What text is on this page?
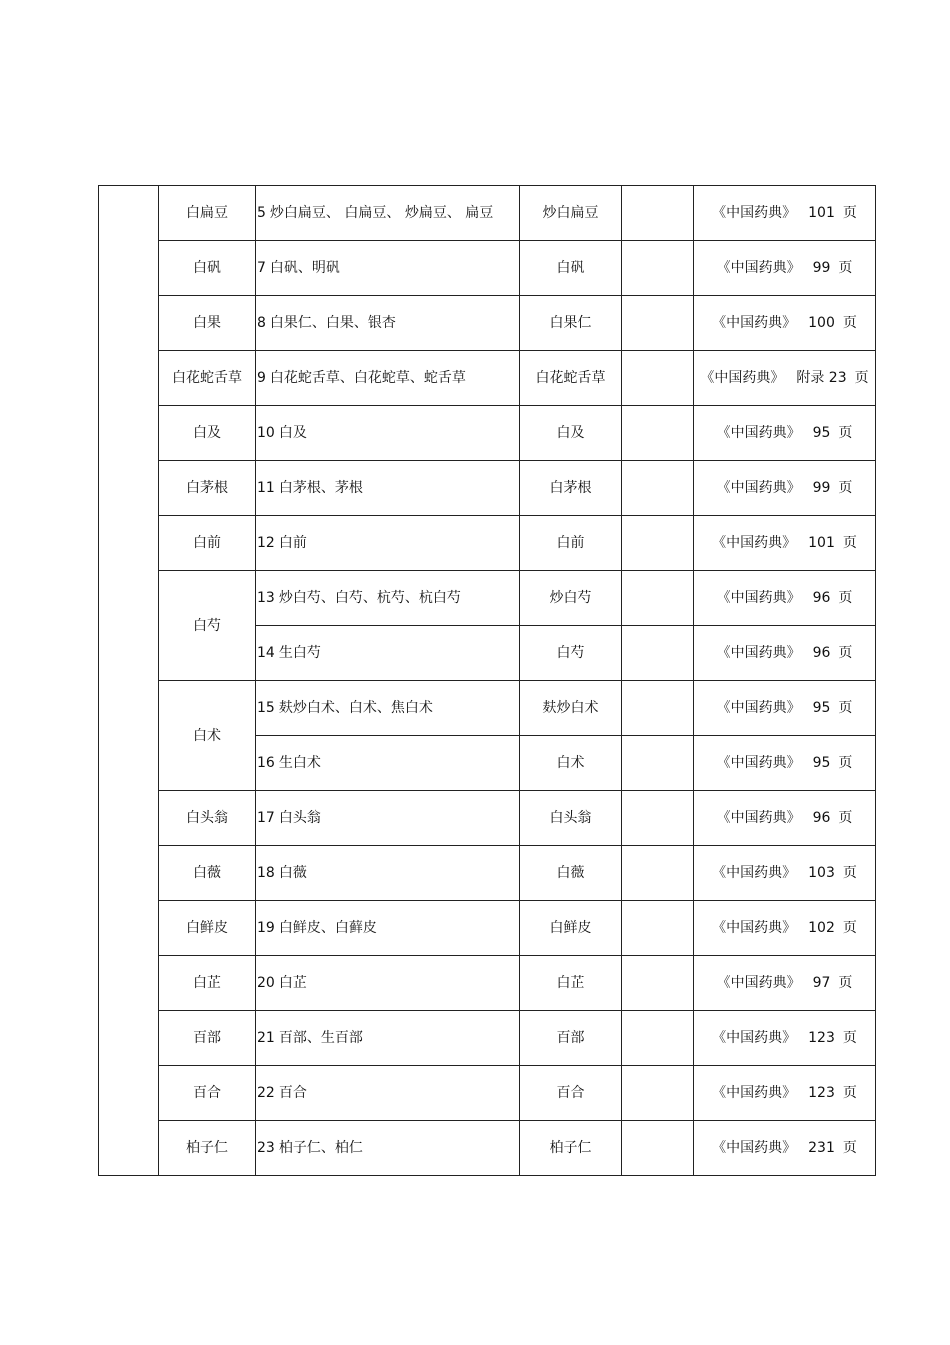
	白扁豆	5 炒白扁豆、 白扁豆、 炒扁豆、 扁豆	炒白扁豆		《中国药典》 101 页
	白矾	7 白矾、明矾	白矾		《中国药典》 99 页
	白果	8 白果仁、白果、银杏	白果仁		《中国药典》 100 页
	白花蛇舌草	9 白花蛇舌草、白花蛇草、蛇舌草	白花蛇舌草		《中国药典》 附录 23 页
	白及	10 白及	白及		《中国药典》 95 页
	白茅根	11 白茅根、茅根	白茅根		《中国药典》 99 页
	白前	12 白前	白前		《中国药典》 101 页
	白芍	13 炒白芍、白芍、杭芍、杭白芍	炒白芍		《中国药典》 96 页
		14 生白芍	白芍		《中国药典》 96 页
	白术	15 麸炒白术、白术、焦白术	麸炒白术		《中国药典》 95 页
		16 生白术	白术		《中国药典》 95 页
	白头翁	17 白头翁	白头翁		《中国药典》 96 页
	白薇	18 白薇	白薇		《中国药典》 103 页
	白鲜皮	19 白鲜皮、白藓皮	白鲜皮		《中国药典》 102 页
	白芷	20 白芷	白芷		《中国药典》 97 页
	百部	21 百部、生百部	百部		《中国药典》 123 页
	百合	22 百合	百合		《中国药典》 123 页
	柏子仁	23 柏子仁、柏仁	柏子仁		《中国药典》 231 页
